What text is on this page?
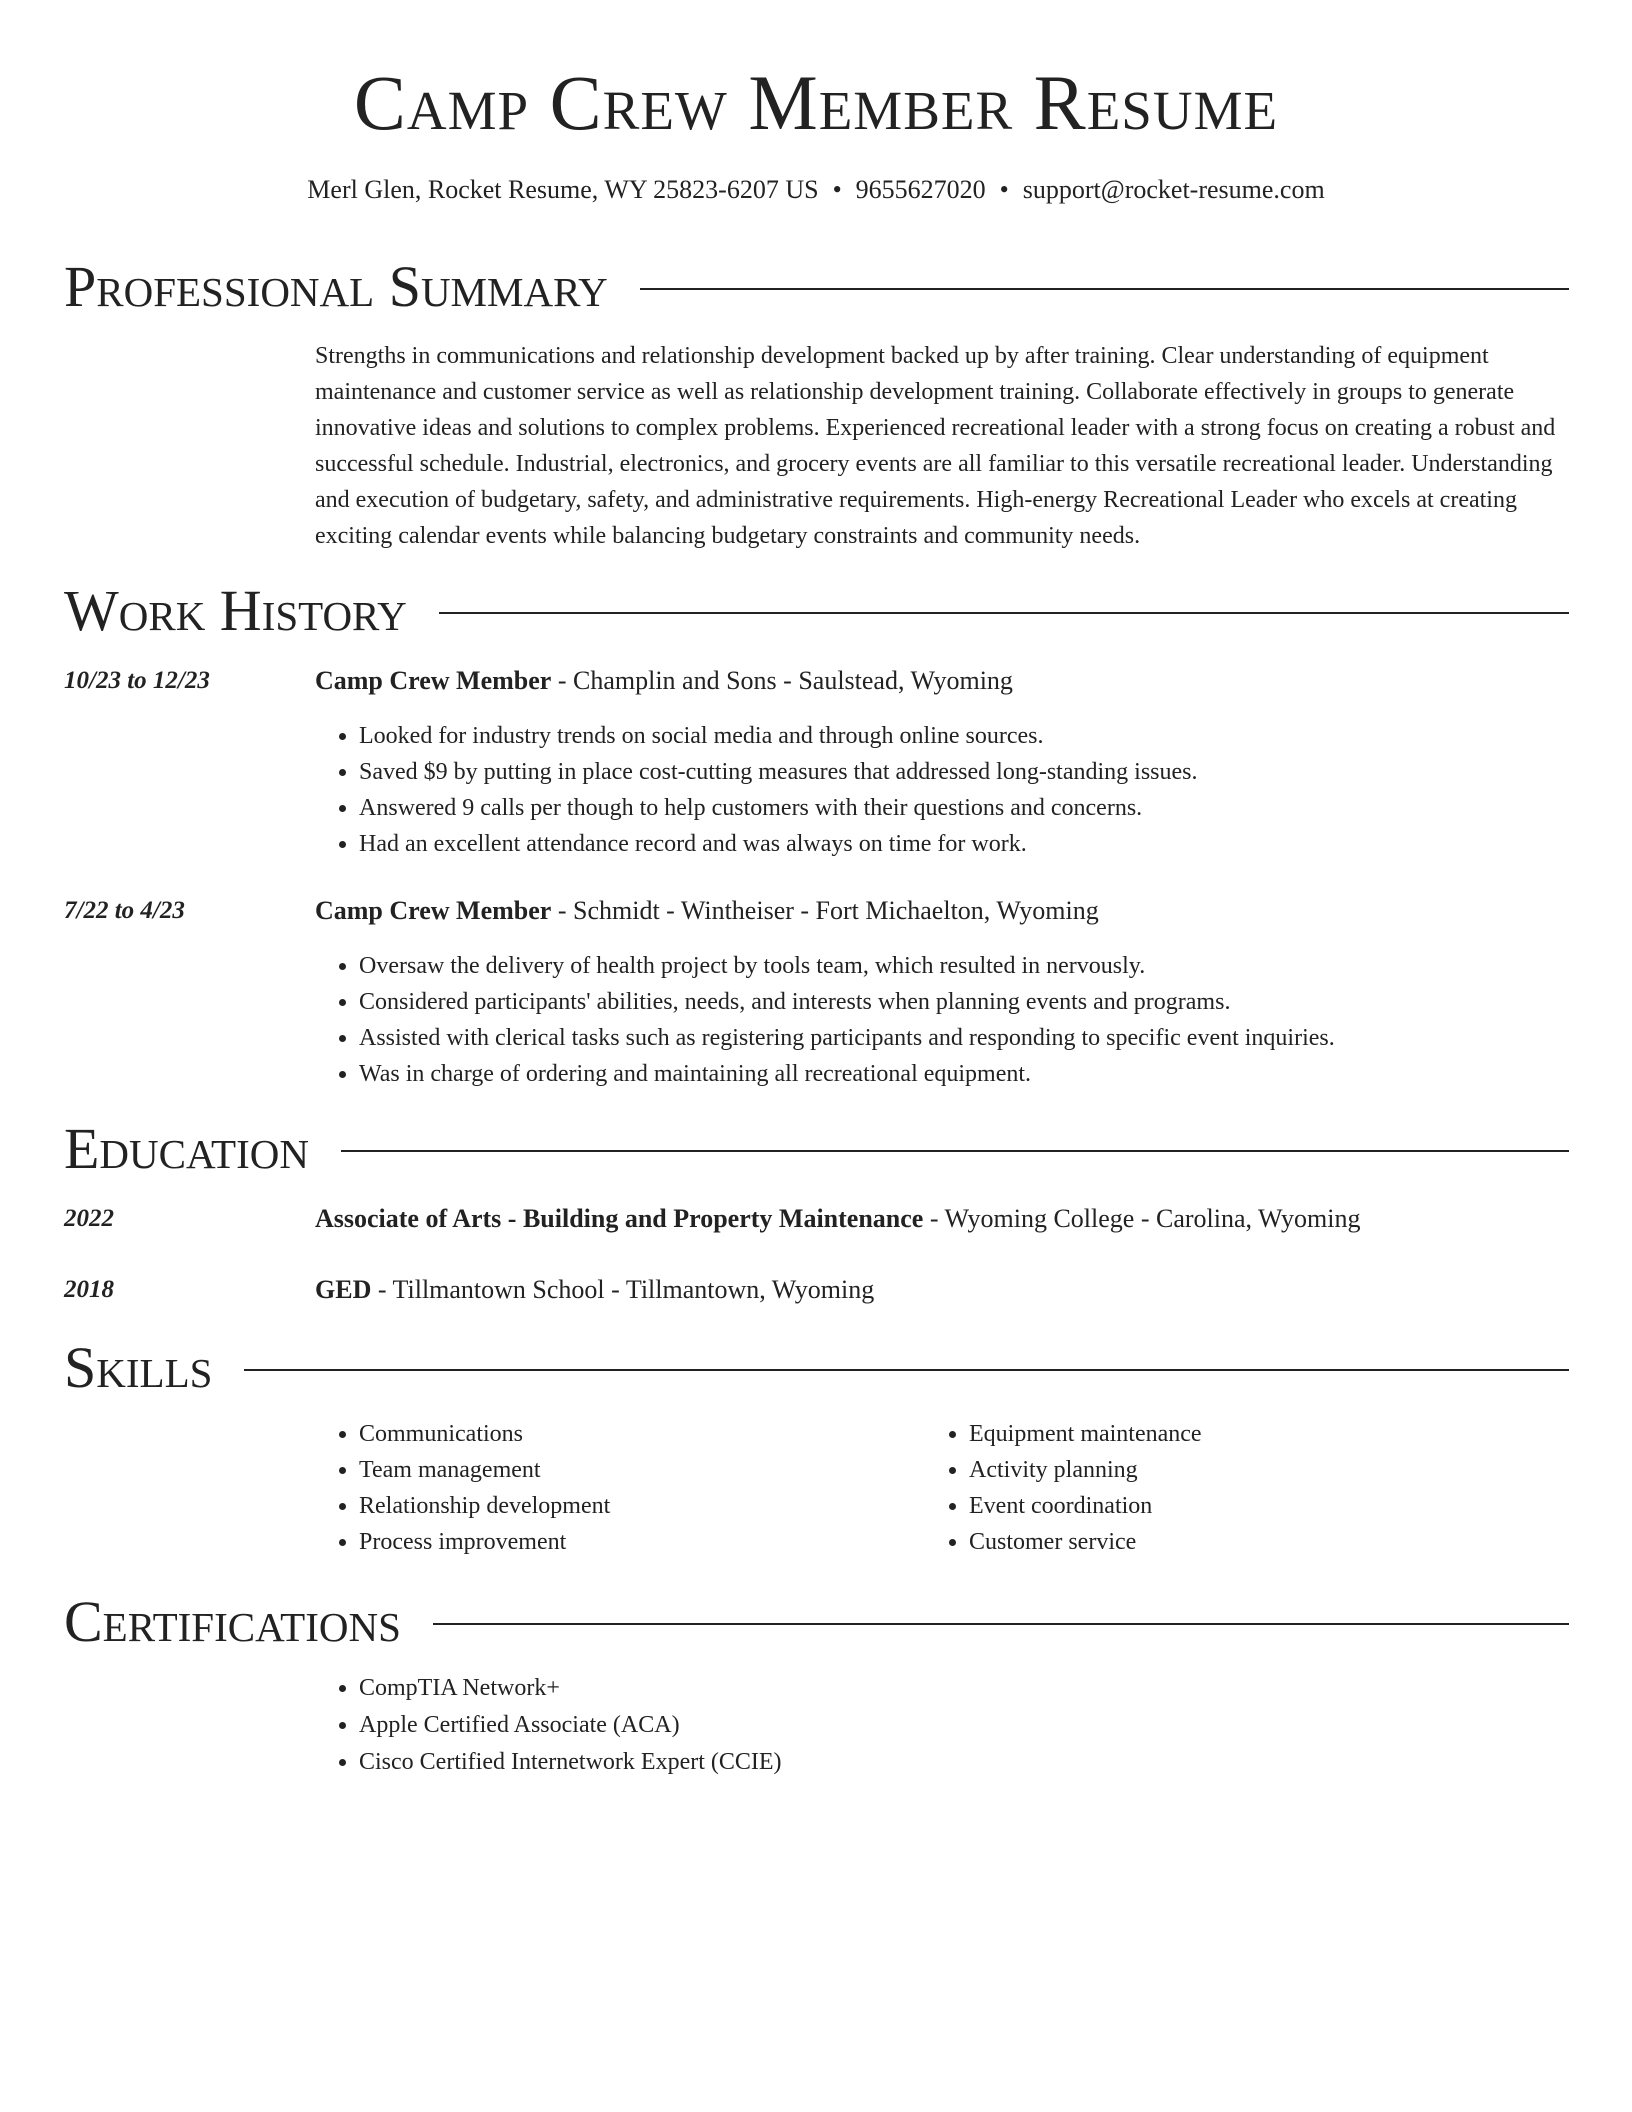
Camp Crew Member Resume
Merl Glen, Rocket Resume, WY 25823-6207 US • 9655627020 • support@rocket-resume.com
Professional Summary
Strengths in communications and relationship development backed up by after training. Clear understanding of equipment maintenance and customer service as well as relationship development training. Collaborate effectively in groups to generate innovative ideas and solutions to complex problems. Experienced recreational leader with a strong focus on creating a robust and successful schedule. Industrial, electronics, and grocery events are all familiar to this versatile recreational leader. Understanding and execution of budgetary, safety, and administrative requirements. High-energy Recreational Leader who excels at creating exciting calendar events while balancing budgetary constraints and community needs.
Work History
10/23 to 12/23	Camp Crew Member - Champlin and Sons - Saulstead, Wyoming
• Looked for industry trends on social media and through online sources.
• Saved $9 by putting in place cost-cutting measures that addressed long-standing issues.
• Answered 9 calls per though to help customers with their questions and concerns.
• Had an excellent attendance record and was always on time for work.
7/22 to 4/23	Camp Crew Member - Schmidt - Wintheiser - Fort Michaelton, Wyoming
• Oversaw the delivery of health project by tools team, which resulted in nervously.
• Considered participants' abilities, needs, and interests when planning events and programs.
• Assisted with clerical tasks such as registering participants and responding to specific event inquiries.
• Was in charge of ordering and maintaining all recreational equipment.
Education
2022	Associate of Arts - Building and Property Maintenance - Wyoming College - Carolina, Wyoming
2018	GED - Tillmantown School - Tillmantown, Wyoming
Skills
• Communications
• Team management
• Relationship development
• Process improvement
• Equipment maintenance
• Activity planning
• Event coordination
• Customer service
Certifications
• CompTIA Network+
• Apple Certified Associate (ACA)
• Cisco Certified Internetwork Expert (CCIE)
